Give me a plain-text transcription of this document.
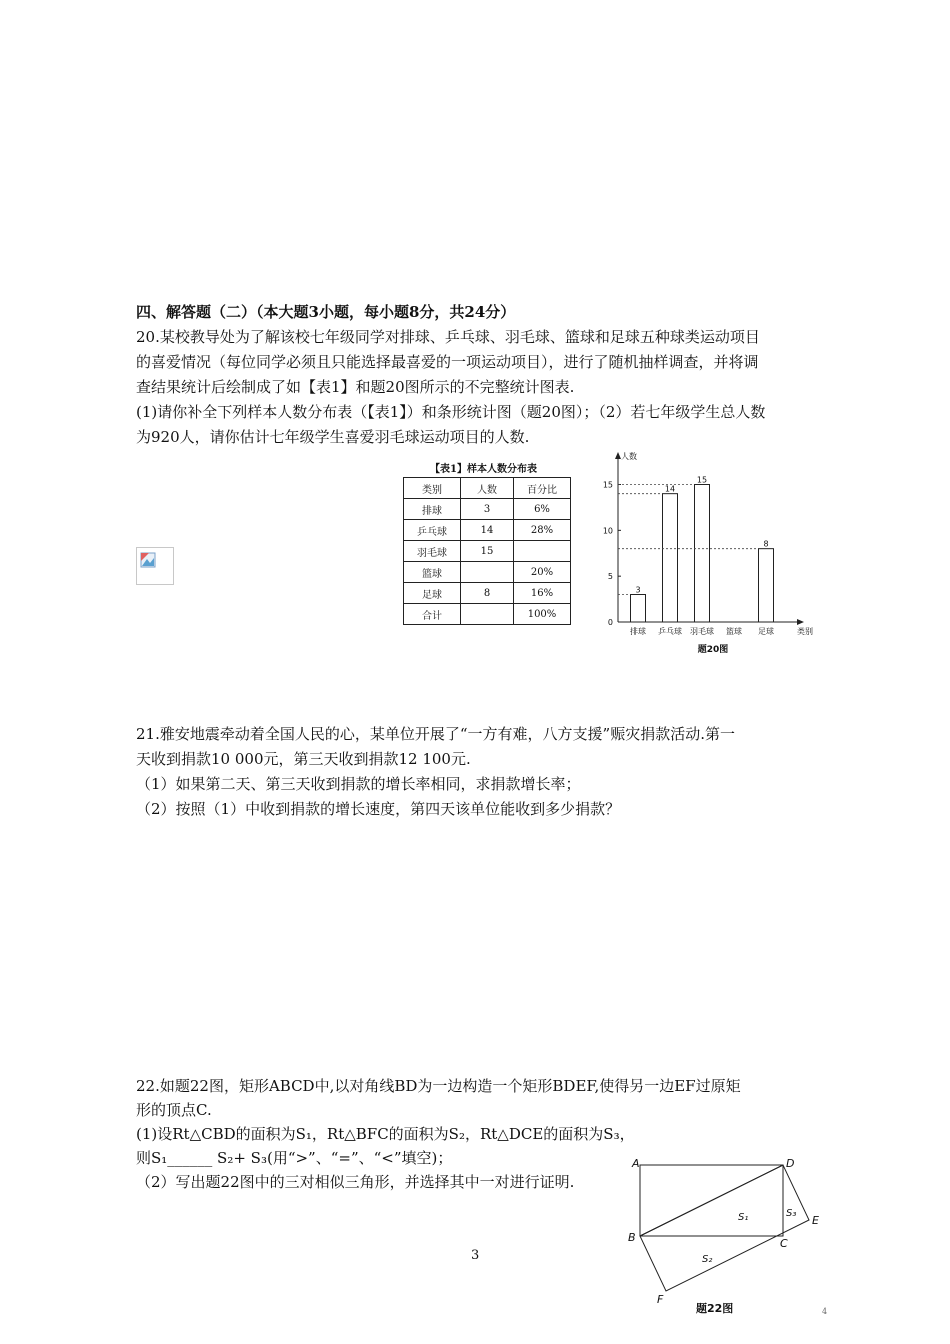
四、解答题（二）（本大题3小题，每小题8分，共24分）
20.某校教导处为了解该校七年级同学对排球、乒乓球、羽毛球、篮球和足球五种球类运动项目
的喜爱情况（每位同学必须且只能选择最喜爱的一项运动项目），进行了随机抽样调查，并将调
查结果统计后绘制成了如【表1】和题20图所示的不完整统计图表.
(1)请你补全下列样本人数分布表（【表1】）和条形统计图（题20图）；（2）若七年级学生总人数
为920人，请你估计七年级学生喜爱羽毛球运动项目的人数.
【表1】样本人数分布表
类别	人数	百分比
排球	3	6%
乒乓球	14	28%
羽毛球	15	
篮球		20%
足球	8	16%
合计		100%
人数
类别
0
5
10
15
排球
3
乒乓球
14
羽毛球
15
篮球 足球
8
题20图
21.雅安地震牵动着全国人民的心，某单位开展了“一方有难，八方支援”赈灾捐款活动.第一
天收到捐款10 000元，第三天收到捐款12 100元.
（1）如果第二天、第三天收到捐款的增长率相同，求捐款增长率；
（2）按照（1）中收到捐款的增长速度，第四天该单位能收到多少捐款？
22.如题22图，矩形ABCD中,以对角线BD为一边构造一个矩形BDEF,使得另一边EF过原矩
形的顶点C.
(1)设Rt△CBD的面积为S₁，Rt△BFC的面积为S₂，Rt△DCE的面积为S₃，
则S₁______ S₂+ S₃(用“>”、“=”、“<”填空)；
（2）写出题22图中的三对相似三角形，并选择其中一对进行证明.
A	D
B	C
E
F
S₁
S₂
S₃
题22图
3
4
